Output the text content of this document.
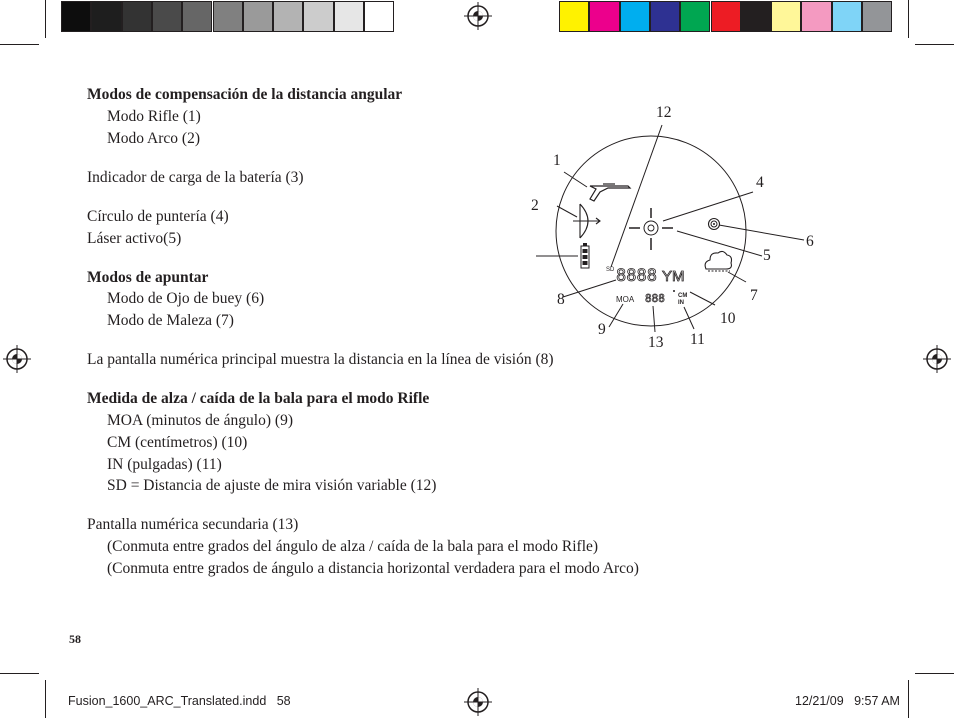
Modos de compensación de la distancia angular
Modo Rifle (1)
Modo Arco (2)
Indicador de carga de la batería (3)
Círculo de puntería (4)
Láser activo(5)
Modos de apuntar
Modo de Ojo de buey (6)
Modo de Maleza (7)
La pantalla numérica principal muestra la distancia en la línea de visión (8)
Medida de alza / caída de la bala para el modo Rifle
MOA (minutos de ángulo) (9)
CM (centímetros) (10)
IN (pulgadas) (11)
SD = Distancia de ajuste de mira visión variable (12)
Pantalla numérica secundaria (13)
(Conmuta entre grados del ángulo de alza / caída de la bala para el modo Rifle)
(Conmuta entre grados de ángulo a distancia horizontal verdadera para el modo Arco)
SD 8888 YM
MOA 888 CM
IN
12
1
2
4
6
5
7
8
10
9
11
13
58
Fusion_1600_ARC_Translated.indd 58	12/21/09 9:57 AM
